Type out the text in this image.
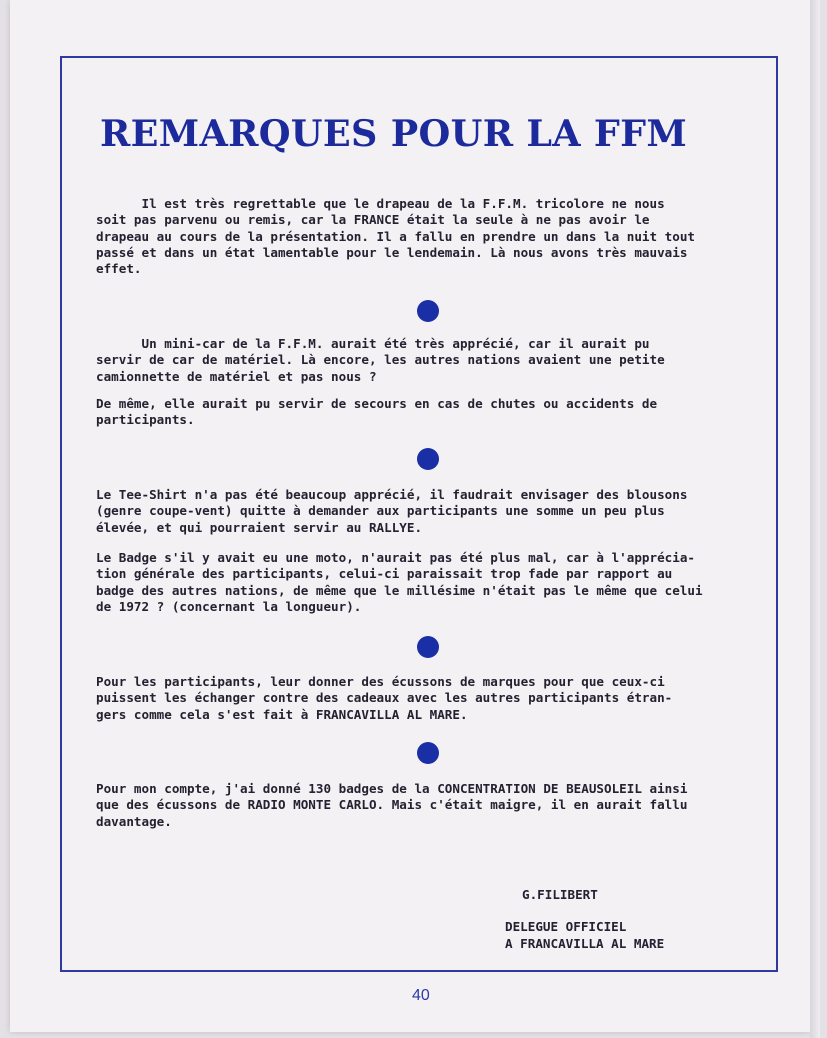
REMARQUES POUR LA FFM

Il est très regrettable que le drapeau de la F.F.M. tricolore ne nous
soit pas parvenu ou remis, car la FRANCE était la seule à ne pas avoir le
drapeau au cours de la présentation. Il a fallu en prendre un dans la nuit tout
passé et dans un état lamentable pour le lendemain. Là nous avons très mauvais
effet.

Un mini-car de la F.F.M. aurait été très apprécié, car il aurait pu
servir de car de matériel. Là encore, les autres nations avaient une petite
camionnette de matériel et pas nous ?

De même, elle aurait pu servir de secours en cas de chutes ou accidents de
participants.

Le Tee-Shirt n'a pas été beaucoup apprécié, il faudrait envisager des blousons
(genre coupe-vent) quitte à demander aux participants une somme un peu plus
élevée, et qui pourraient servir au RALLYE.

Le Badge s'il y avait eu une moto, n'aurait pas été plus mal, car à l'apprécia-
tion générale des participants, celui-ci paraissait trop fade par rapport au
badge des autres nations, de même que le millésime n'était pas le même que celui
de 1972 ? (concernant la longueur).

Pour les participants, leur donner des écussons de marques pour que ceux-ci
puissent les échanger contre des cadeaux avec les autres participants étran-
gers comme cela s'est fait à FRANCAVILLA AL MARE.

Pour mon compte, j'ai donné 130 badges de la CONCENTRATION DE BEAUSOLEIL ainsi
que des écussons de RADIO MONTE CARLO. Mais c'était maigre, il en aurait fallu
davantage.

G.FILIBERT

DELEGUE OFFICIEL

A FRANCAVILLA AL MARE

40
